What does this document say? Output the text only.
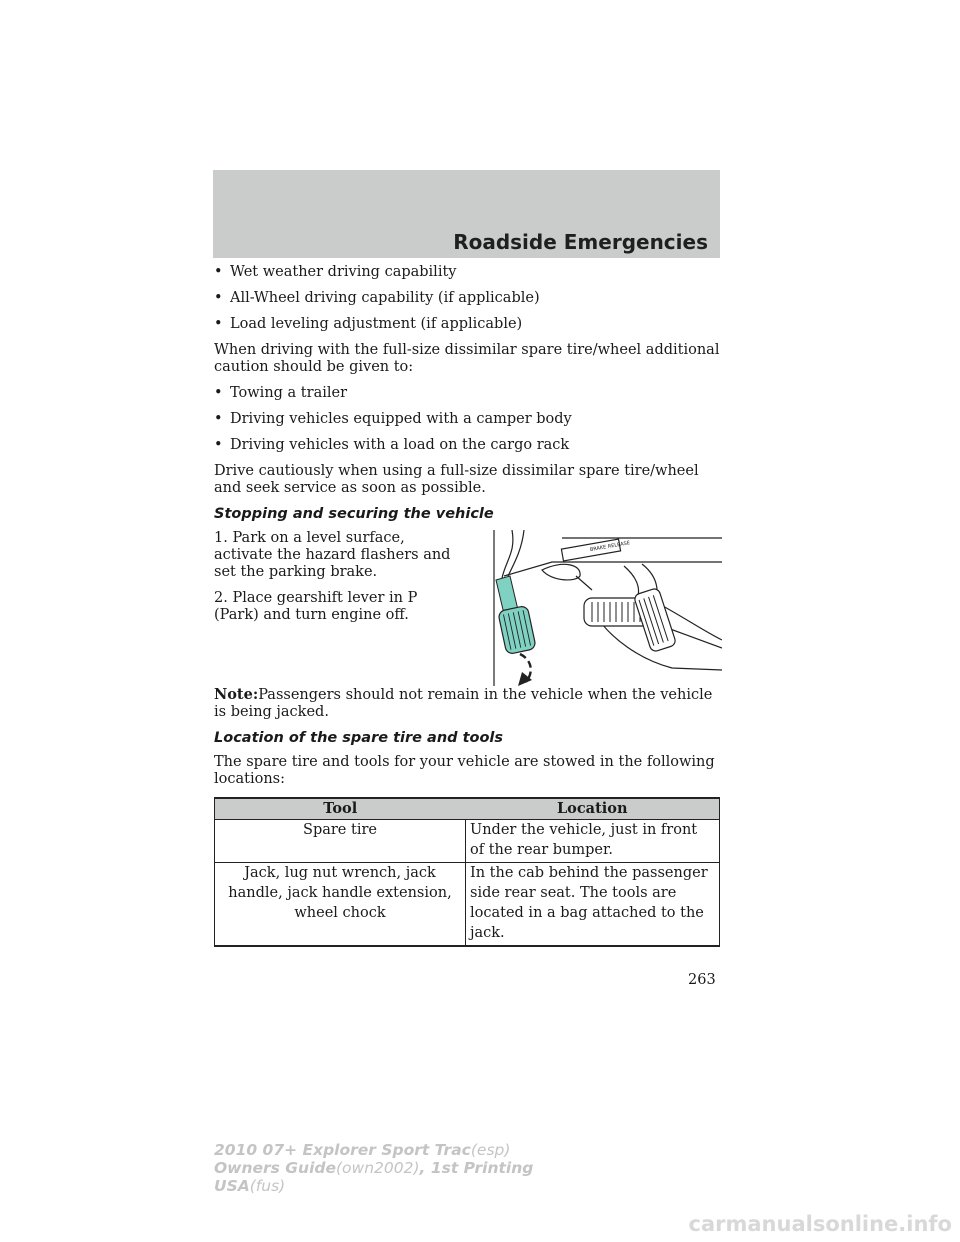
Roadside Emergencies
• Wet weather driving capability
• All-Wheel driving capability (if applicable)
• Load leveling adjustment (if applicable)

When driving with the full-size dissimilar spare tire/wheel additional caution should be given to:

• Towing a trailer
• Driving vehicles equipped with a camper body
• Driving vehicles with a load on the cargo rack

Drive cautiously when using a full-size dissimilar spare tire/wheel and seek service as soon as possible.

Stopping and securing the vehicle

1. Park on a level surface, activate the hazard flashers and set the parking brake.

2. Place gearshift lever in P (Park) and turn engine off.

BRAKE RELEASE

Note:Passengers should not remain in the vehicle when the vehicle is being jacked.

Location of the spare tire and tools

The spare tire and tools for your vehicle are stowed in the following locations:

Tool	Location
Spare tire	Under the vehicle, just in front of the rear bumper.
Jack, lug nut wrench, jack handle, jack handle extension, wheel chock	In the cab behind the passenger side rear seat. The tools are located in a bag attached to the jack.
263
2010 07+ Explorer Sport Trac(esp)
Owners Guide(own2002), 1st Printing
USA(fus)
carmanualsonline.info
